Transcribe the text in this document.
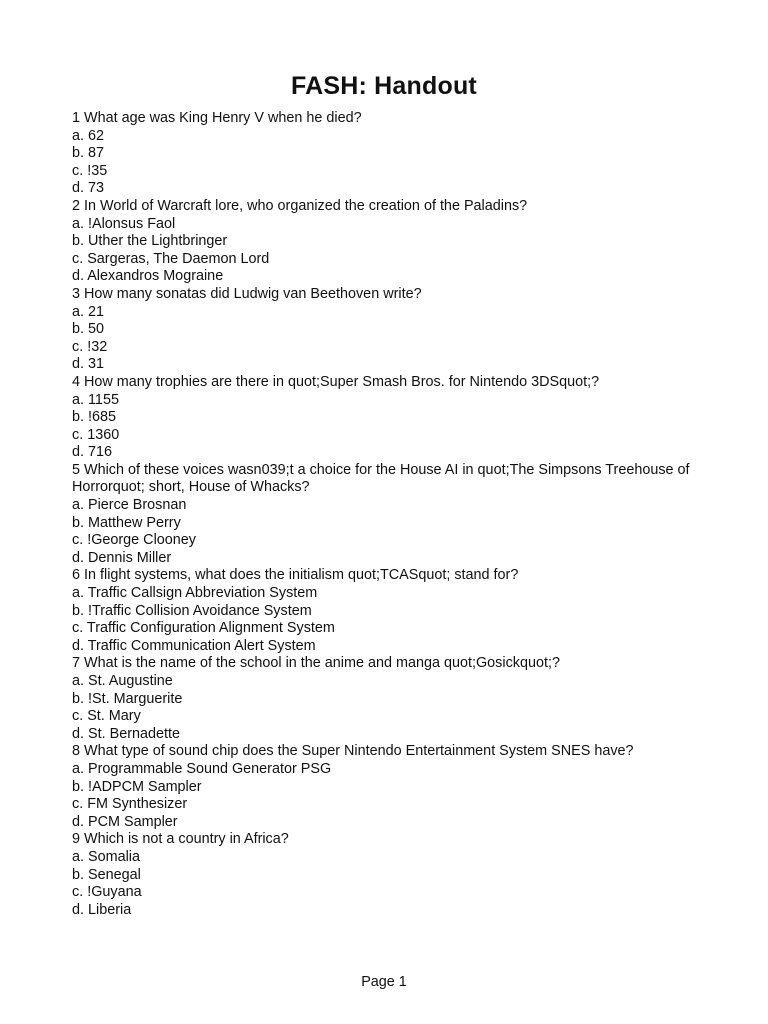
FASH: Handout
1 What age was King Henry V when he died?
a. 62
b. 87
c. !35
d. 73
2 In World of Warcraft lore, who organized the creation of the Paladins?
a. !Alonsus Faol
b. Uther the Lightbringer
c. Sargeras, The Daemon Lord
d. Alexandros Mograine
3 How many sonatas did Ludwig van Beethoven write?
a. 21
b. 50
c. !32
d. 31
4 How many trophies are there in quot;Super Smash Bros. for Nintendo 3DSquot;?
a. 1155
b. !685
c. 1360
d. 716
5 Which of these voices wasn039;t a choice for the House AI in quot;The Simpsons Treehouse of Horrorquot; short, House of Whacks?
a. Pierce Brosnan
b. Matthew Perry
c. !George Clooney
d. Dennis Miller
6 In flight systems, what does the initialism quot;TCASquot; stand for?
a. Traffic Callsign Abbreviation System
b. !Traffic Collision Avoidance System
c. Traffic Configuration Alignment System
d. Traffic Communication Alert System
7 What is the name of the school in the anime and manga quot;Gosickquot;?
a. St. Augustine
b. !St. Marguerite
c. St. Mary
d. St. Bernadette
8 What type of sound chip does the Super Nintendo Entertainment System SNES have?
a. Programmable Sound Generator PSG
b. !ADPCM Sampler
c. FM Synthesizer
d. PCM Sampler
9 Which is not a country in Africa?
a. Somalia
b. Senegal
c. !Guyana
d. Liberia
Page 1
